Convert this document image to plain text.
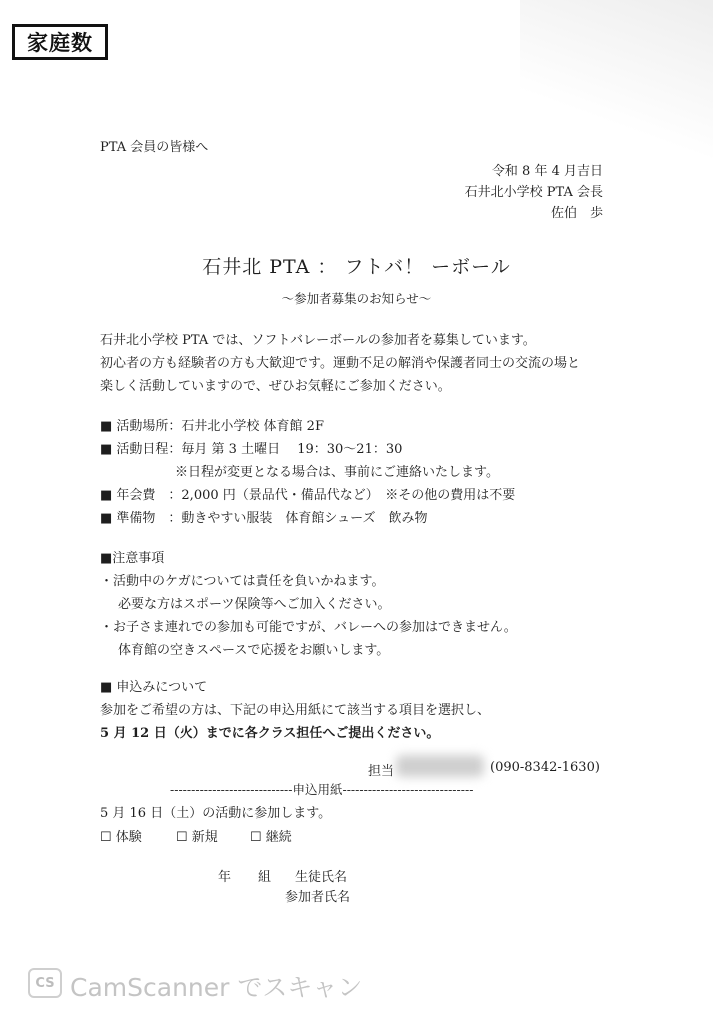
家庭数
PTA 会員の皆様へ
令和 8 年 4 月吉日
石井北小学校 PTA 会長
佐伯　歩
石井北 PTA ： フトバ！ ーボール
～参加者募集のお知らせ～
石井北小学校 PTA では、ソフトバレーボールの参加者を募集しています。
初心者の方も経験者の方も大歓迎です。運動不足の解消や保護者同士の交流の場と
楽しく活動していますので、ぜひお気軽にご参加ください。
■ 活動場所：石井北小学校 体育館 2F
■ 活動日程：毎月 第 3 土曜日　 19：30～21：30
※日程が変更となる場合は、事前にご連絡いたします。
■ 年会費　：2,000 円（景品代・備品代など）　※その他の費用は不要
■ 準備物　：動きやすい服装　体育館シューズ　飲み物
■注意事項
・活動中のケガについては責任を負いかねます。
必要な方はスポーツ保険等へご加入ください。
・お子さま連れでの参加も可能ですが、バレーへの参加はできません。
体育館の空きスペースで応援をお願いします。
■ 申込みについて
参加をご希望の方は、下記の申込用紙にて該当する項目を選択し、
5 月 12 日（火）までに各クラス担任へご提出ください。
担当	(090-8342-1630)
-----------------------------申込用紙-------------------------------
5 月 16 日（土）の活動に参加します。
☐ 体験	☐ 新規 ☐ 継続
年 組 生徒氏名
参加者氏名
CS CamScanner でスキャン
